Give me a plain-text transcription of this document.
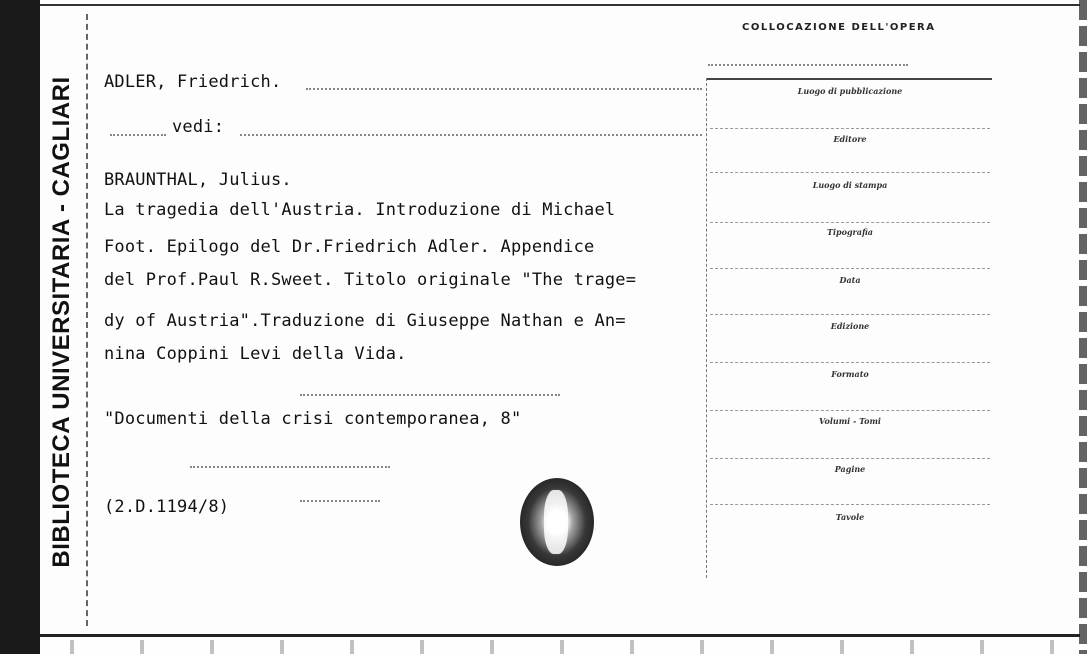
BIBLIOTECA UNIVERSITARIA - CAGLIARI ADLER, Friedrich.
vedi:
BRAUNTHAL, Julius.
La tragedia dell'Austria. Introduzione di Michael
Foot. Epilogo del Dr.Friedrich Adler. Appendice
del Prof.Paul R.Sweet. Titolo originale "The trage=
dy of Austria".Traduzione di Giuseppe Nathan e An=
nina Coppini Levi della Vida.
"Documenti della crisi contemporanea, 8"
(2.D.1194/8)
COLLOCAZIONE DELL'OPERA
Luogo di pubblicazione
Editore
Luogo di stampa
Tipografia
Data
Edizione
Formato
Volumi - Tomi
Pagine
Tavole
